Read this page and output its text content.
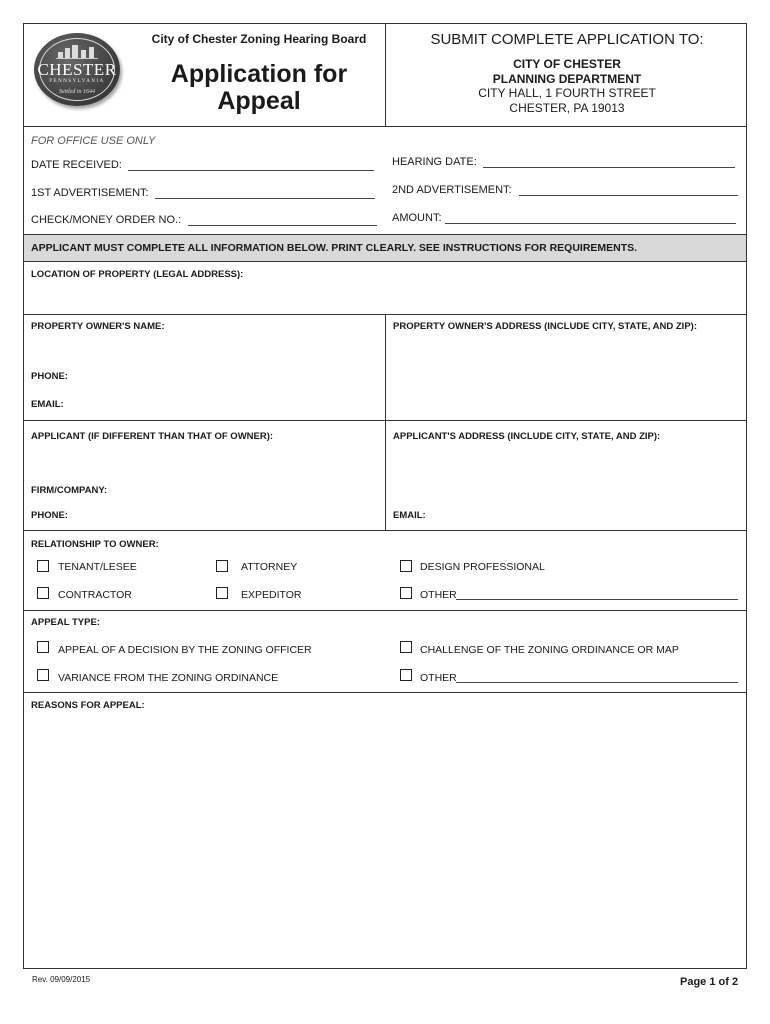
CHESTER
PENNSYLVANIA
Settled in 1644
City of Chester Zoning Hearing Board
Application for
Appeal
SUBMIT COMPLETE APPLICATION TO:
CITY OF CHESTER
PLANNING DEPARTMENT
CITY HALL, 1 FOURTH STREET
CHESTER, PA 19013
FOR OFFICE USE ONLY
DATE RECEIVED:	HEARING DATE:
1ST ADVERTISEMENT:	2ND ADVERTISEMENT:
CHECK/MONEY ORDER NO.:	AMOUNT:
APPLICANT MUST COMPLETE ALL INFORMATION BELOW. PRINT CLEARLY. SEE INSTRUCTIONS FOR REQUIREMENTS.
LOCATION OF PROPERTY (LEGAL ADDRESS):
PROPERTY OWNER'S NAME:	PROPERTY OWNER'S ADDRESS (INCLUDE CITY, STATE, AND ZIP):
PHONE:
EMAIL:
APPLICANT (IF DIFFERENT THAN THAT OF OWNER):	APPLICANT'S ADDRESS (INCLUDE CITY, STATE, AND ZIP):
FIRM/COMPANY:
PHONE:	EMAIL:
RELATIONSHIP TO OWNER:
TENANT/LESEE	ATTORNEY	DESIGN PROFESSIONAL
CONTRACTOR	EXPEDITOR	OTHER
APPEAL TYPE:
APPEAL OF A DECISION BY THE ZONING OFFICER	CHALLENGE OF THE ZONING ORDINANCE OR MAP
VARIANCE FROM THE ZONING ORDINANCE	OTHER
REASONS FOR APPEAL:
Rev. 09/09/2015	Page 1 of 2
